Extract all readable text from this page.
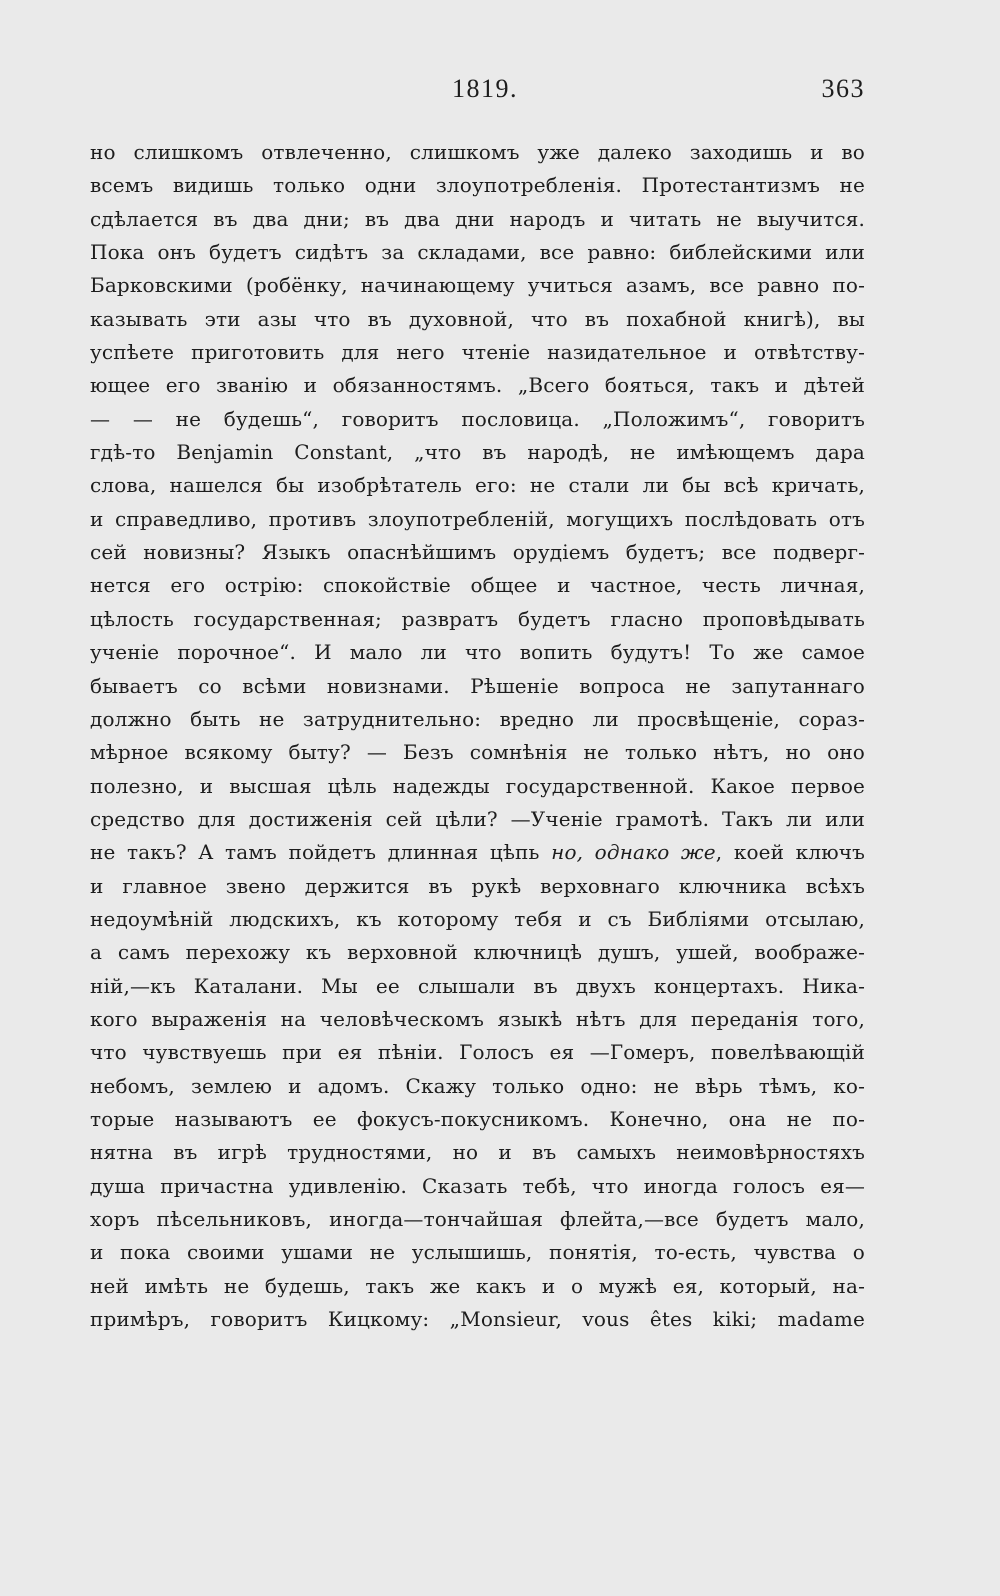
1819.	363
но слишкомъ отвлеченно, слишкомъ уже далеко заходишь и во
всемъ видишь только одни злоупотребленія. Протестантизмъ не
сдѣлается въ два дни; въ два дни народъ и читать не выучится.
Пока онъ будетъ сидѣтъ за складами, все равно: библейскими или
Барковскими (робёнку, начинающему учиться азамъ, все равно по-
казывать эти азы что въ духовной, что въ похабной книгѣ), вы
успѣете приготовить для него чтеніе назидательное и отвѣтству-
ющее его званію и обязанностямъ. „Всего бояться, такъ и дѣтей
— — не будешь“, говоритъ пословица. „Положимъ“, говоритъ
гдѣ-то Benjamin Constant, „что въ народѣ, не имѣющемъ дара
слова, нашелся бы изобрѣтатель его: не стали ли бы всѣ кричать,
и справедливо, противъ злоупотребленій, могущихъ послѣдовать отъ
сей новизны? Языкъ опаснѣйшимъ орудіемъ будетъ; все подверг-
нется его острію: спокойствіе общее и частное, честь личная,
цѣлость государственная; развратъ будетъ гласно проповѣдывать
ученіе порочное“. И мало ли что вопить будутъ! То же самое
бываетъ со всѣми новизнами. Рѣшеніе вопроса не запутаннаго
должно быть не затруднительно: вредно ли просвѣщеніе, сораз-
мѣрное всякому быту? — Безъ сомнѣнія не только нѣтъ, но оно
полезно, и высшая цѣль надежды государственной. Какое первое
средство для достиженія сей цѣли? —Ученіе грамотѣ. Такъ ли или
не такъ? А тамъ пойдетъ длинная цѣпь но, однако же, коей ключъ
и главное звено держится въ рукѣ верховнаго ключника всѣхъ
недоумѣній людскихъ, къ которому тебя и съ Библіями отсылаю,
а самъ перехожу къ верховной ключницѣ душъ, ушей, воображе-
ній,—къ Каталани. Мы ее слышали въ двухъ концертахъ. Ника-
кого выраженія на человѣческомъ языкѣ нѣтъ для переданія того,
что чувствуешь при ея пѣніи. Голосъ ея —Гомеръ, повелѣвающій
небомъ, землею и адомъ. Скажу только одно: не вѣрь тѣмъ, ко-
торые называютъ ее фокусъ-покусникомъ. Конечно, она не по-
нятна въ игрѣ трудностями, но и въ самыхъ неимовѣрностяхъ
душа причастна удивленію. Сказать тебѣ, что иногда голосъ ея—
хоръ пѣсельниковъ, иногда—тончайшая флейта,—все будетъ мало,
и пока своими ушами не услышишь, понятія, то-есть, чувства о
ней имѣть не будешь, такъ же какъ и о мужѣ ея, который, на-
примѣръ, говоритъ Кицкому: „Monsieur, vous êtes kiki; madame
